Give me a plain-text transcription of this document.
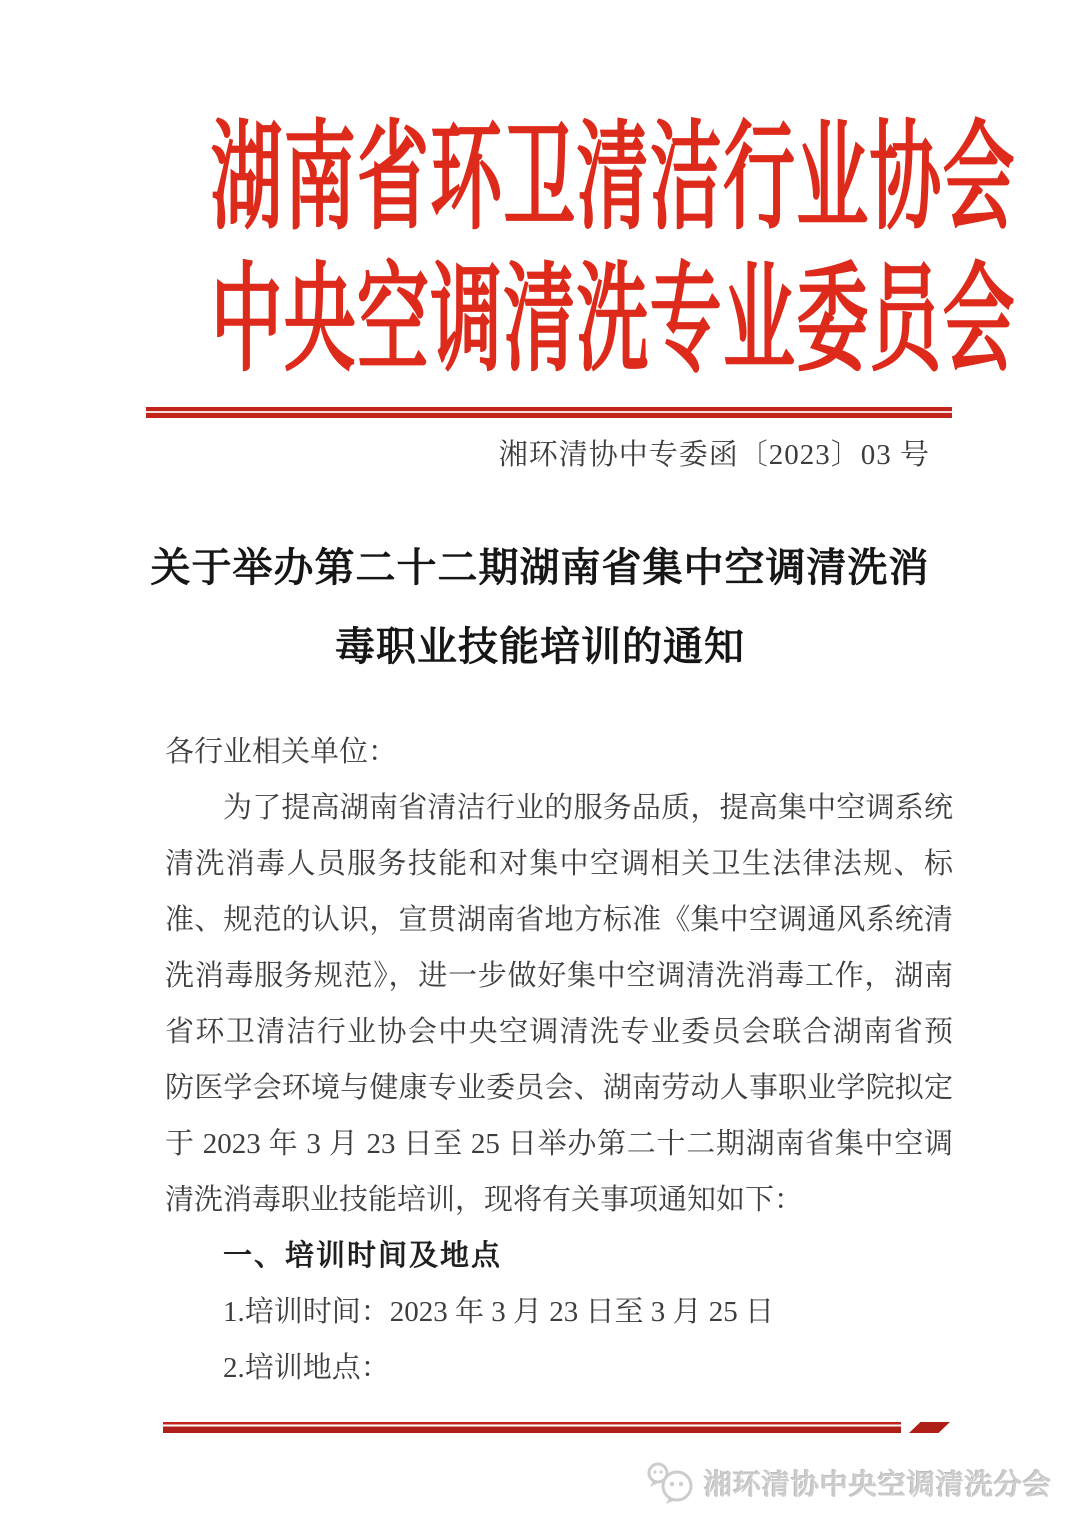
湖南省环卫清洁行业协会
中央空调清洗专业委员会
湘环清协中专委函〔2023〕03 号
关于举办第二十二期湖南省集中空调清洗消
毒职业技能培训的通知
各行业相关单位：
为了提高湖南省清洁行业的服务品质，提高集中空调系统
清洗消毒人员服务技能和对集中空调相关卫生法律法规、标
准、规范的认识，宣贯湖南省地方标准《集中空调通风系统清
洗消毒服务规范》，进一步做好集中空调清洗消毒工作，湖南
省环卫清洁行业协会中央空调清洗专业委员会联合湖南省预
防医学会环境与健康专业委员会、湖南劳动人事职业学院拟定
于 2023 年 3 月 23 日至 25 日举办第二十二期湖南省集中空调
清洗消毒职业技能培训，现将有关事项通知如下：
一、培训时间及地点
1.培训时间：2023 年 3 月 23 日至 3 月 25 日
2.培训地点：
湘环清协中央空调清洗分会
